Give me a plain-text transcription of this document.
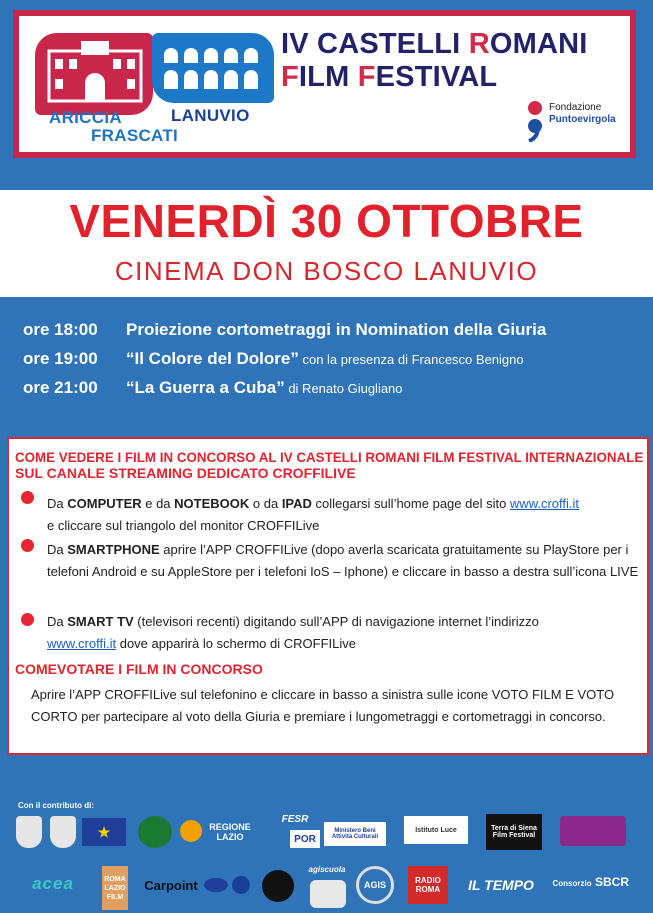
ARICCIA	LANUVIO
FRASCATI
IV CASTELLI ROMANI
FILM FESTIVAL
Fondazione
Puntoevirgola
VENERDÌ 30 OTTOBRE
CINEMA DON BOSCO LANUVIO
ore 18:00 Proiezione cortometraggi in Nomination della Giuria
ore 19:00 “Il Colore del Dolore” con la presenza di Francesco Benigno
ore 21:00 “La Guerra a Cuba” di Renato Giugliano
COME VEDERE I FILM IN CONCORSO AL IV CASTELLI ROMANI FILM FESTIVAL INTERNAZIONALE
SUL CANALE STREAMING DEDICATO CROFFILIVE
Da COMPUTER e da NOTEBOOK o da IPAD collegarsi sull’home page del sito www.croffi.it
e cliccare sul triangolo del monitor CROFFILive
Da SMARTPHONE aprire l’APP CROFFILive (dopo averla scaricata gratuitamente su PlayStore per i telefoni Android e su AppleStore per i telefoni IoS – Iphone) e cliccare in basso a destra sull’icona LIVE
Da SMART TV (televisori recenti) digitando sull’APP di navigazione internet l’indirizzo
www.croffi.it dove apparirà lo schermo di CROFFILive
COMEVOTARE I FILM IN CONCORSO
Aprire l’APP CROFFILive sul telefonino e cliccare in basso a sinistra sulle icone VOTO FILM E VOTO CORTO per partecipare al voto della Giuria e premiare i lungometraggi e cortometraggi in concorso.
Con il contributo di:
★	REGIONE LAZIO
FESR
POR
Ministero Beni Attività Culturali
Istituto Luce	Terra di Siena Film Festival
acea	ROMA LAZIO FILM
Carpoint
agiscuola
AGIS	RADIO ROMA	IL TEMPO	Consorzio SBCR
